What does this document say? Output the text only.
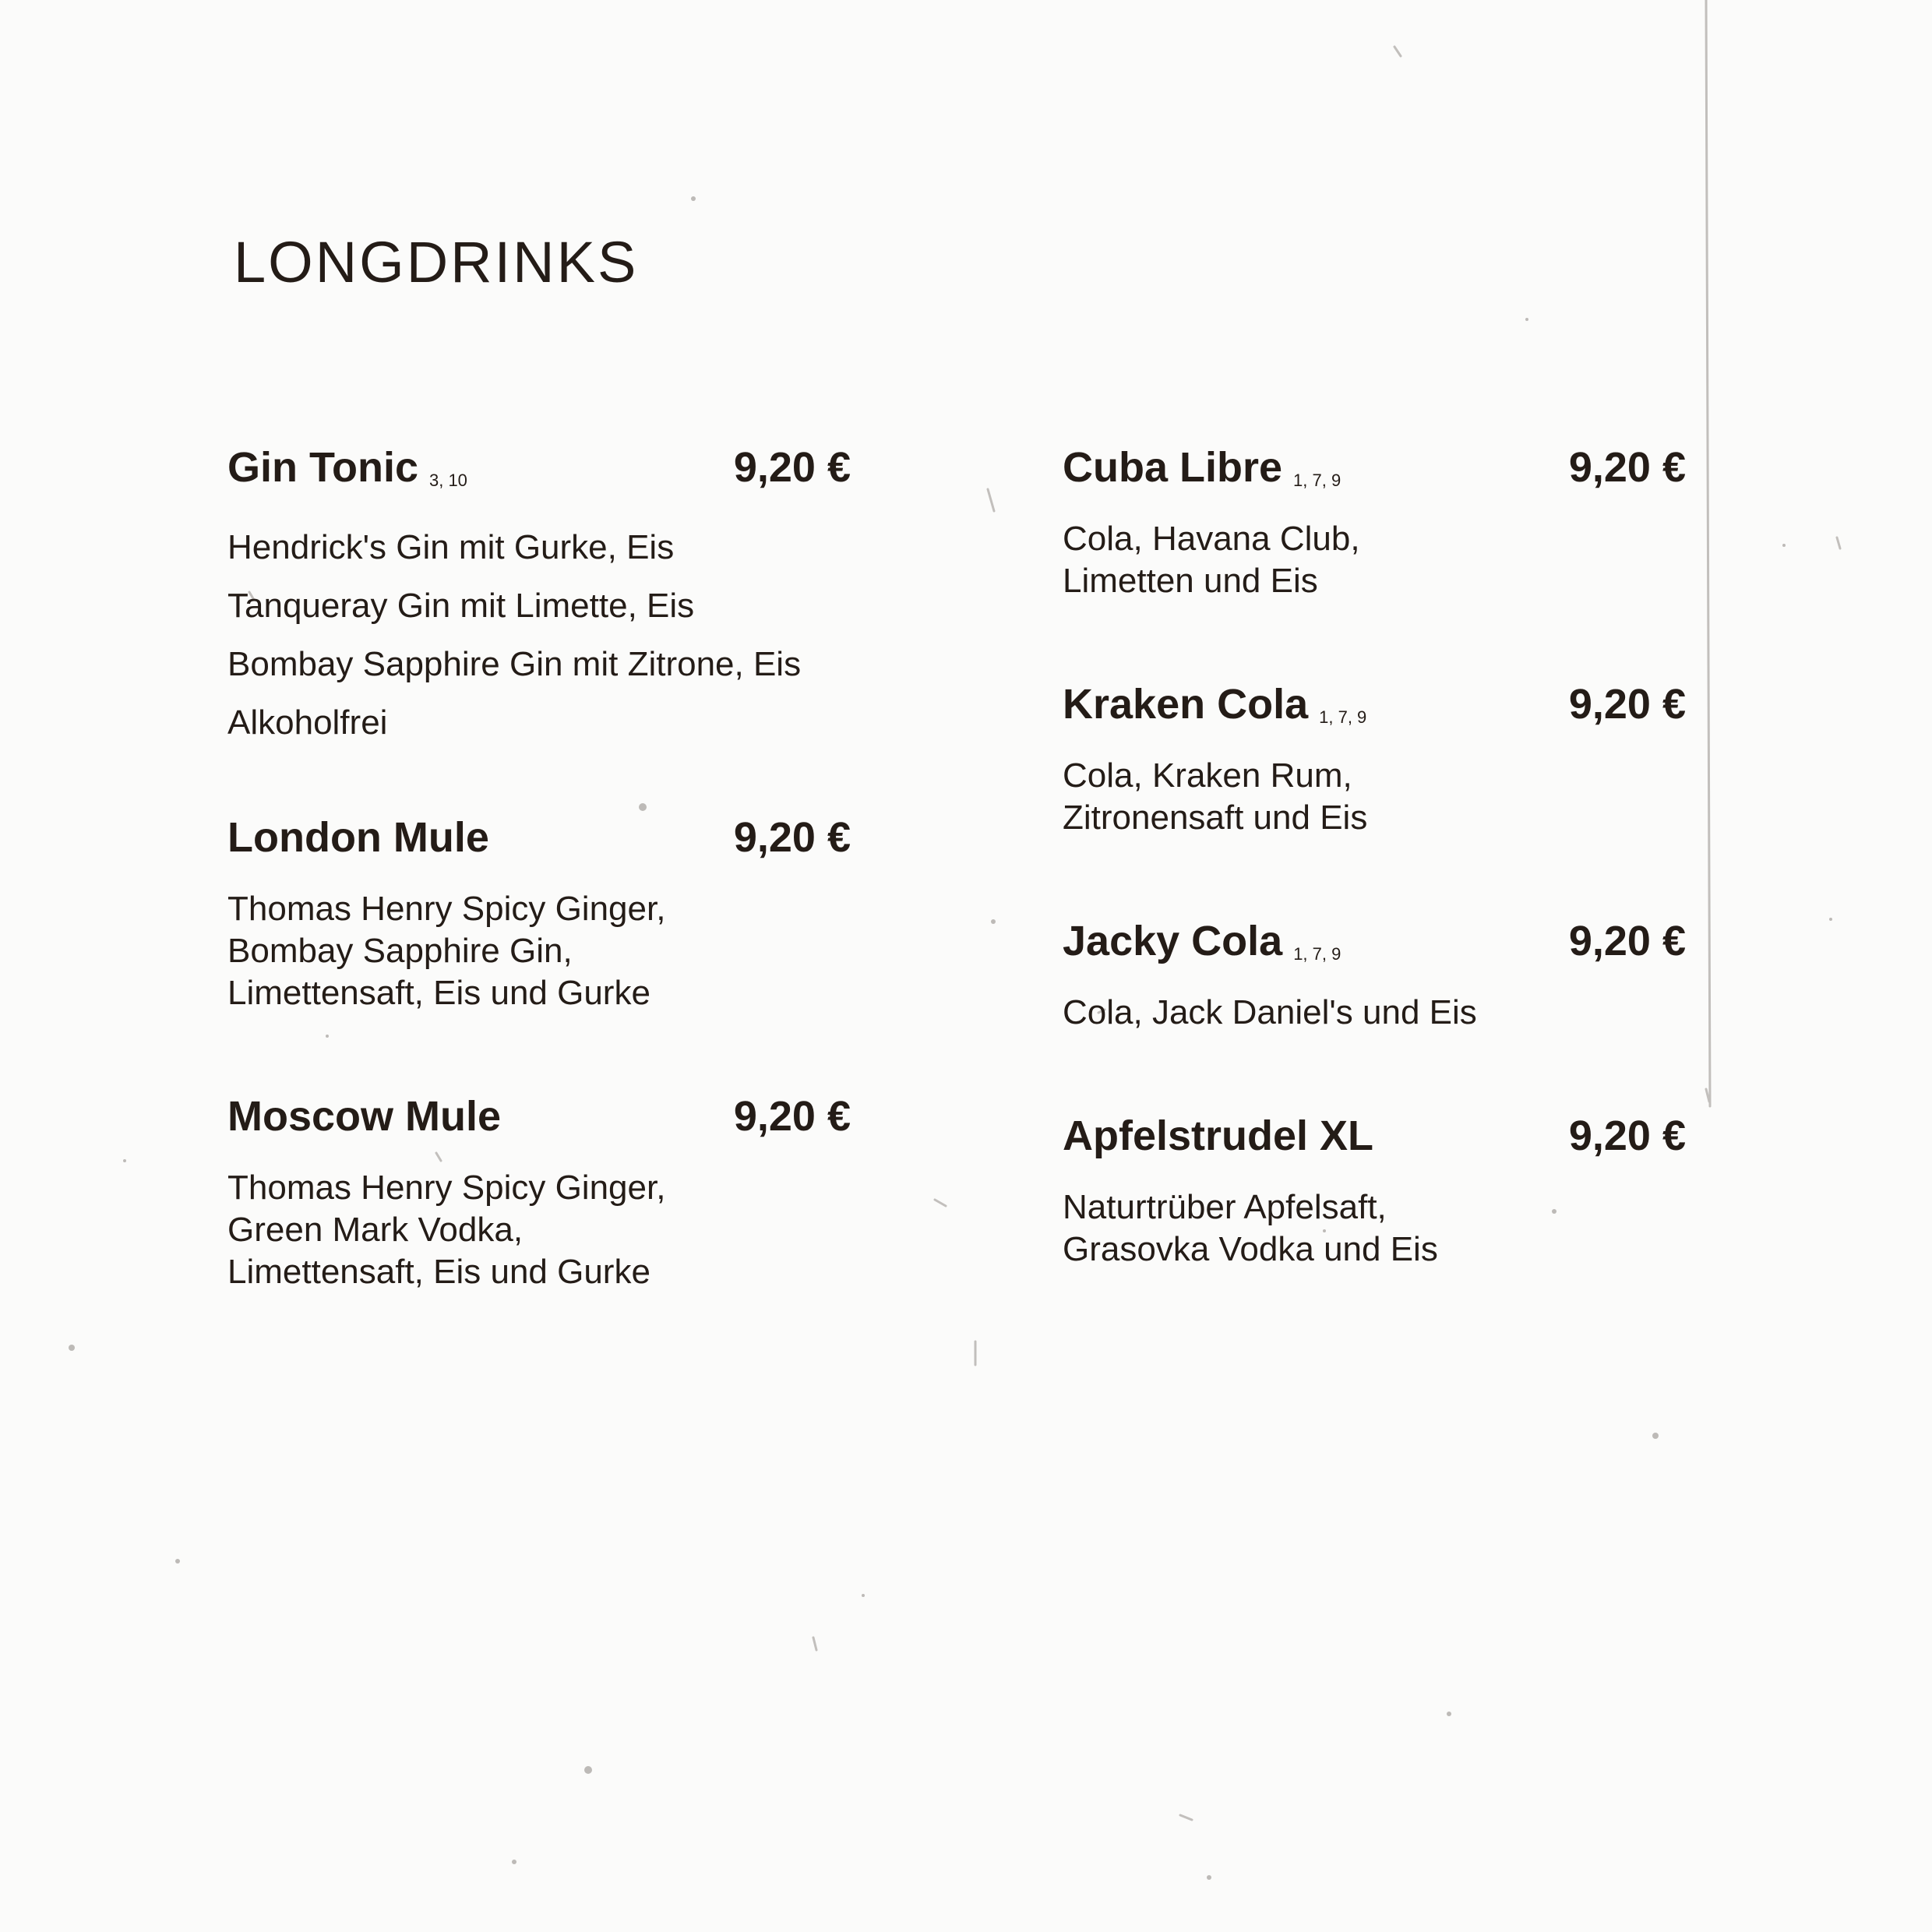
LONGDRINKS
Gin Tonic 3, 10	9,20 €
Hendrick's Gin mit Gurke, Eis
Tanqueray Gin mit Limette, Eis
Bombay Sapphire Gin mit Zitrone, Eis
Alkoholfrei
London Mule	9,20 €
Thomas Henry Spicy Ginger,
Bombay Sapphire Gin,
Limettensaft, Eis und Gurke
Moscow Mule	9,20 €
Thomas Henry Spicy Ginger,
Green Mark Vodka,
Limettensaft, Eis und Gurke
Cuba Libre 1, 7, 9	9,20 €
Cola, Havana Club,
Limetten und Eis
Kraken Cola 1, 7, 9	9,20 €
Cola, Kraken Rum,
Zitronensaft und Eis
Jacky Cola 1, 7, 9	9,20 €
Cola, Jack Daniel's und Eis
Apfelstrudel XL	9,20 €
Naturtrüber Apfelsaft,
Grasovka Vodka und Eis
